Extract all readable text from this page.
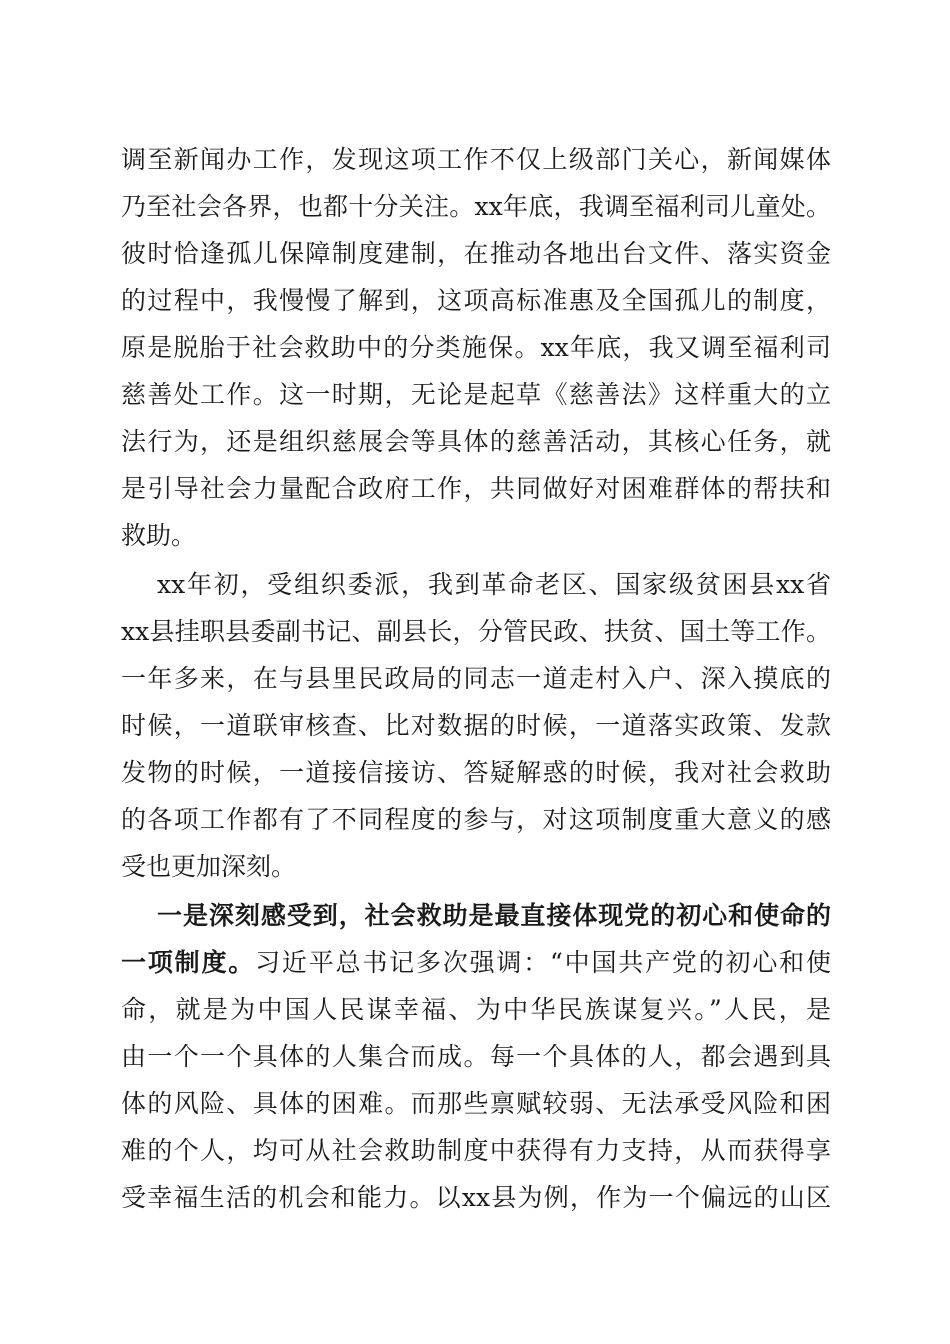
调至新闻办工作，发现这项工作不仅上级部门关心，新闻媒体
乃至社会各界，也都十分关注。xx年底，我调至福利司儿童处。
彼时恰逢孤儿保障制度建制，在推动各地出台文件、落实资金
的过程中，我慢慢了解到，这项高标准惠及全国孤儿的制度，
原是脱胎于社会救助中的分类施保。xx年底，我又调至福利司
慈善处工作。这一时期，无论是起草《慈善法》这样重大的立
法行为，还是组织慈展会等具体的慈善活动，其核心任务，就
是引导社会力量配合政府工作，共同做好对困难群体的帮扶和
救助。
xx年初，受组织委派，我到革命老区、国家级贫困县xx省
xx县挂职县委副书记、副县长，分管民政、扶贫、国土等工作。
一年多来，在与县里民政局的同志一道走村入户、深入摸底的
时候，一道联审核查、比对数据的时候，一道落实政策、发款
发物的时候，一道接信接访、答疑解惑的时候，我对社会救助
的各项工作都有了不同程度的参与，对这项制度重大意义的感
受也更加深刻。
一是深刻感受到，社会救助是最直接体现党的初心和使命的
一项制度。习近平总书记多次强调：“中国共产党的初心和使
命，就是为中国人民谋幸福、为中华民族谋复兴。”人民，是
由一个一个具体的人集合而成。每一个具体的人，都会遇到具
体的风险、具体的困难。而那些禀赋较弱、无法承受风险和困
难的个人，均可从社会救助制度中获得有力支持，从而获得享
受幸福生活的机会和能力。以xx县为例，作为一个偏远的山区
